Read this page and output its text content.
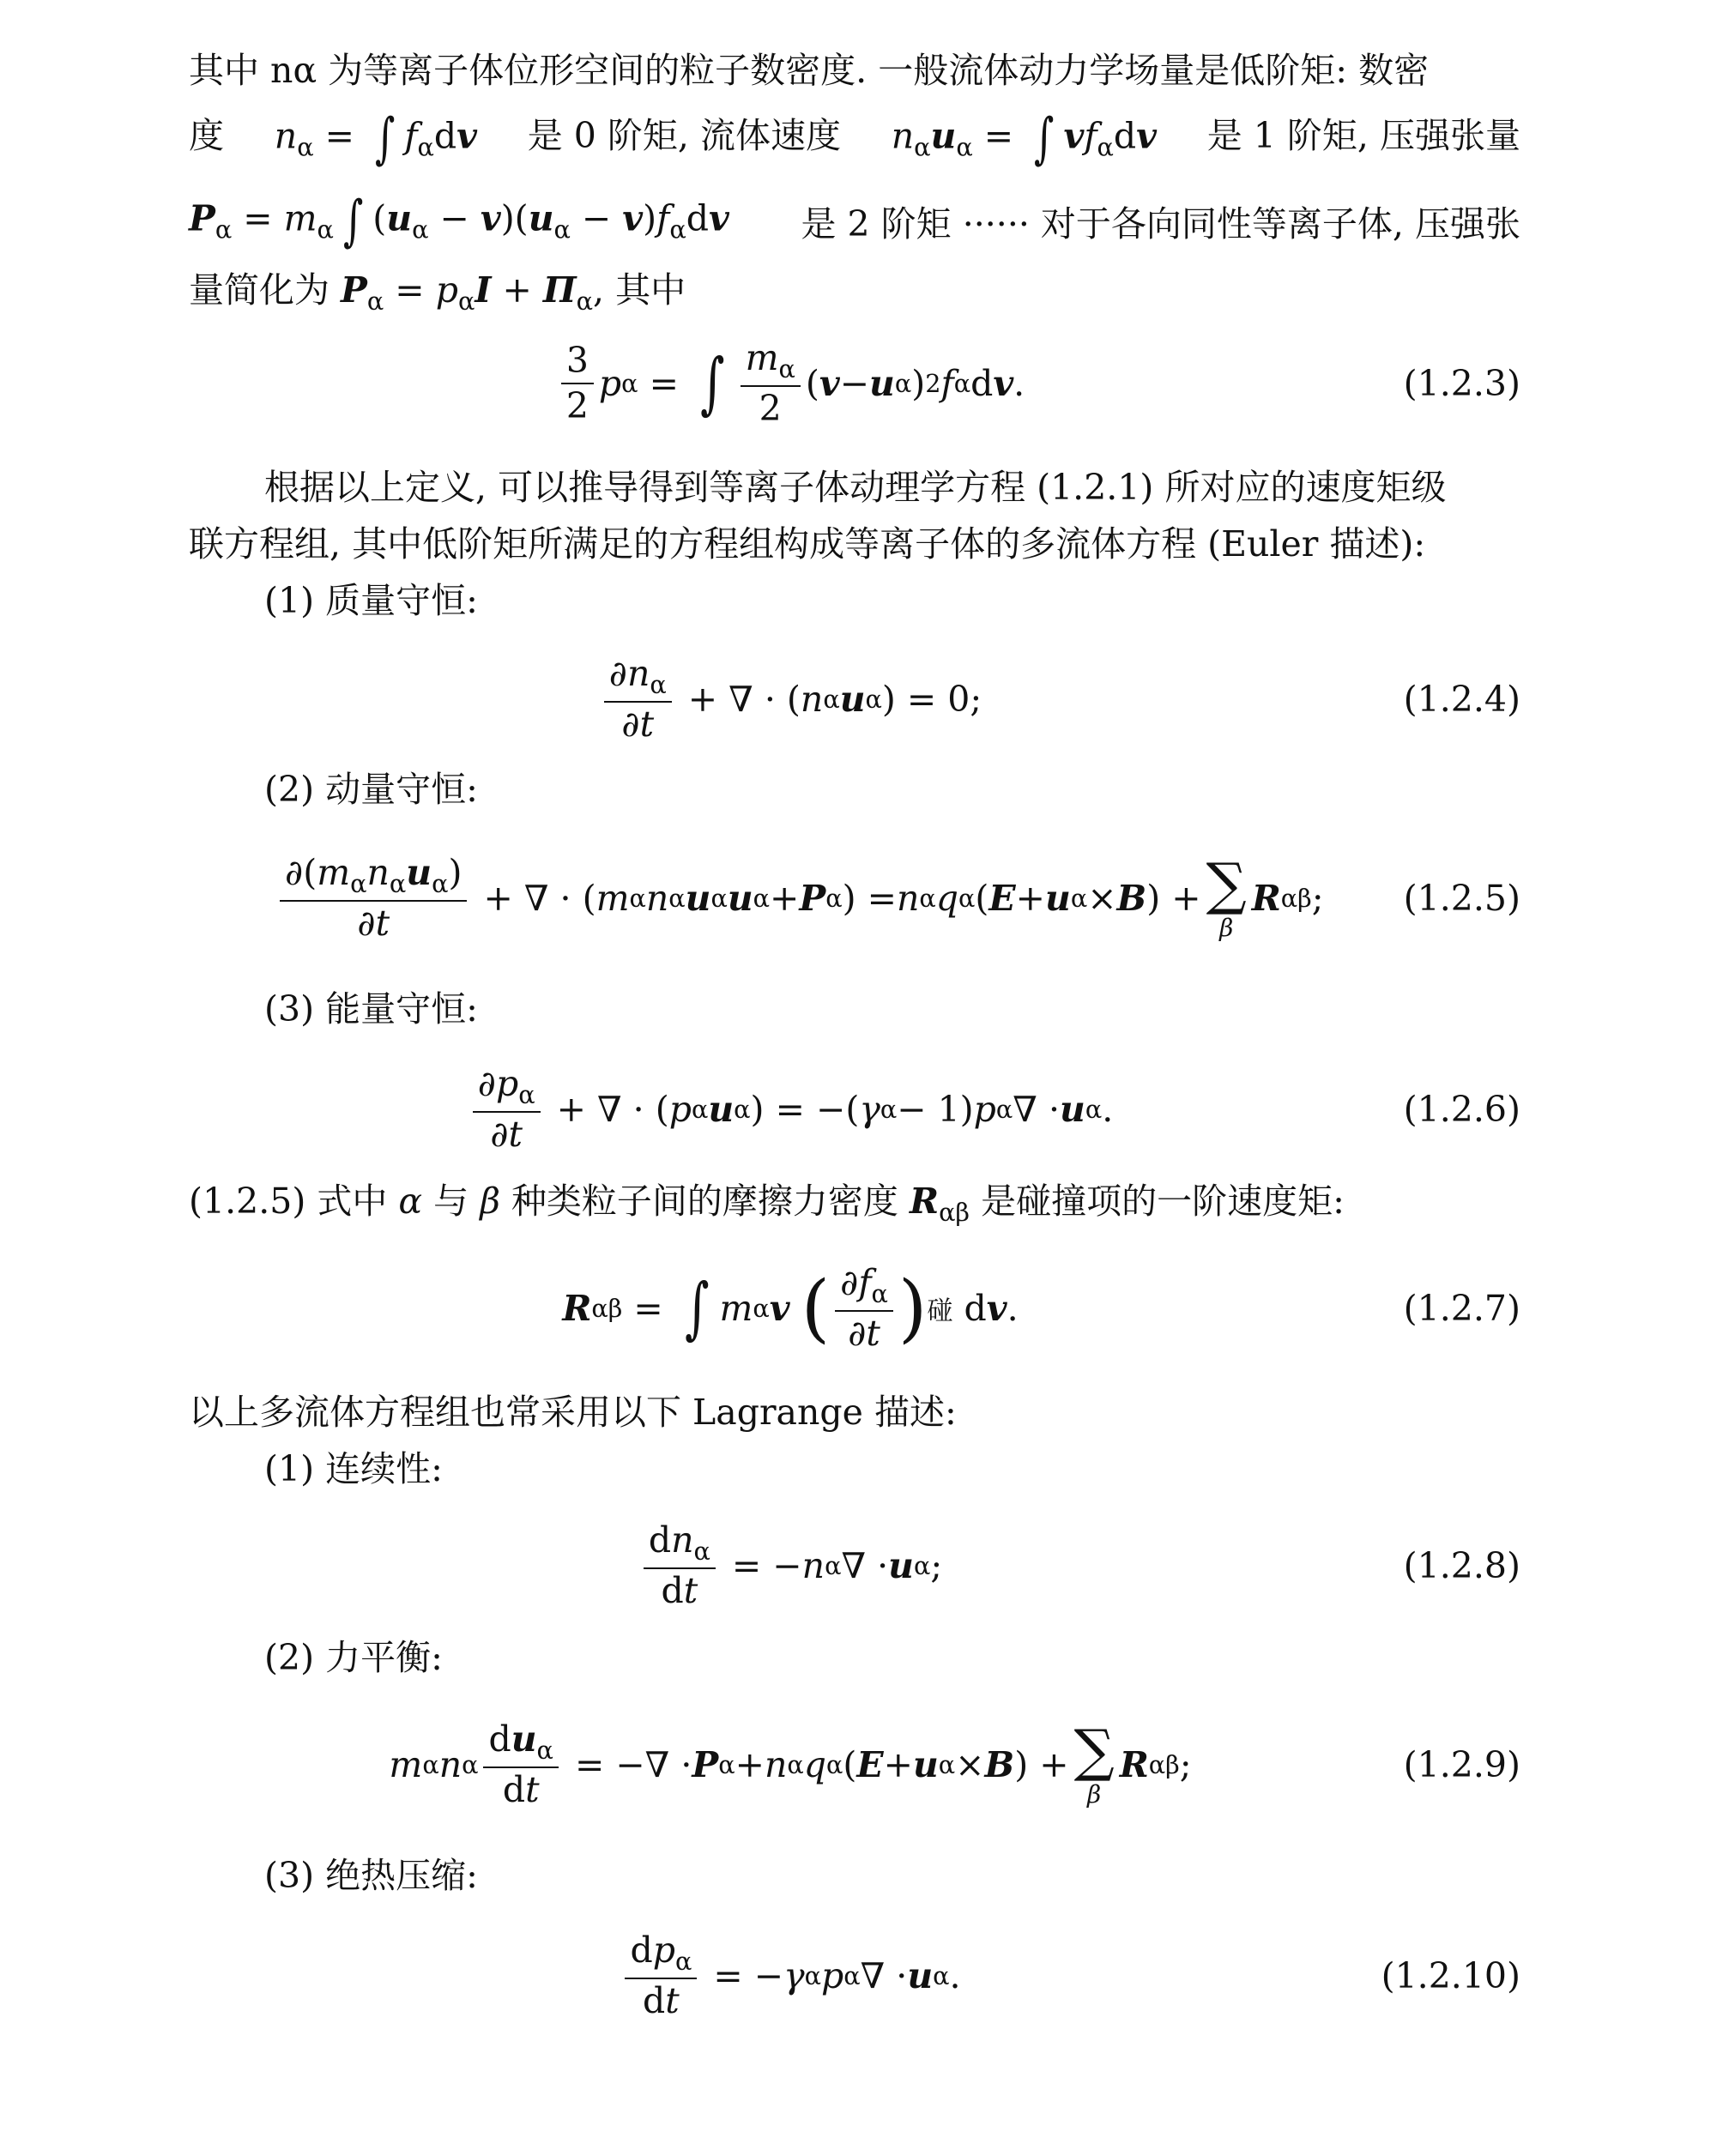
其中 nα 为等离子体位形空间的粒子数密度. 一般流体动力学场量是低阶矩: 数密
度 $n_\alpha$ = ∫ $f_\alpha dv$ 是 0 阶矩, 流体速度 $n_\alpha u_\alpha$ = ∫ $vf_\alpha dv$ 是 1 阶矩, 压强张量
$P_\alpha = m_\alpha$ ∫ $(u_\alpha - v)(u_\alpha - v)f_\alpha dv$ 是 2 阶矩 ······ 对于各向同性等离子体, 压强张
量简化为 $P_\alpha = p_\alpha I + \Pi_\alpha$, 其中
$\frac{3}{2}$ p α = ∫ $\frac{m_\alpha}{2}$ ( v − u α ) 2 f α d v .	(1.2.3)
根据以上定义, 可以推导得到等离子体动理学方程 (1.2.1) 所对应的速度矩级
联方程组, 其中低阶矩所满足的方程组构成等离子体的多流体方程 (Euler 描述):
(1) 质量守恒:
$\frac{\partial n_\alpha}{\partial t}$ + ∇ · ( n α u α ) = 0;	(1.2.4)
(2) 动量守恒:
$\frac{\partial(m_\alpha n_\alpha u_\alpha)}{\partial t}$ + ∇ · ( m α n α u α u α + P α ) = n α q α ( E + u α × B ) + ∑
β
R αβ ;	(1.2.5)
(3) 能量守恒:
$\frac{\partial p_\alpha}{\partial t}$ + ∇ · ( p α u α ) = −( γ α − 1) p α ∇ · u α .	(1.2.6)
(1.2.5) 式中 α 与 β 种类粒子间的摩擦力密度 $R_{\alpha\beta}$ 是碰撞项的一阶速度矩:
R αβ = ∫ m α v
( $\frac{\partial f_\alpha}{\partial t}$ ) 碰 d v .	(1.2.7)
以上多流体方程组也常采用以下 Lagrange 描述:
(1) 连续性:
$\frac{dn_\alpha}{dt}$ = − n α ∇ · u α ;	(1.2.8)
(2) 力平衡:
m α n α $\frac{du_\alpha}{dt}$ = −∇ · P α + n α q α ( E + u α × B ) + ∑
β
R αβ ;	(1.2.9)
(3) 绝热压缩:
$\frac{dp_\alpha}{dt}$ = − γ α p α ∇ · u α .	(1.2.10)
